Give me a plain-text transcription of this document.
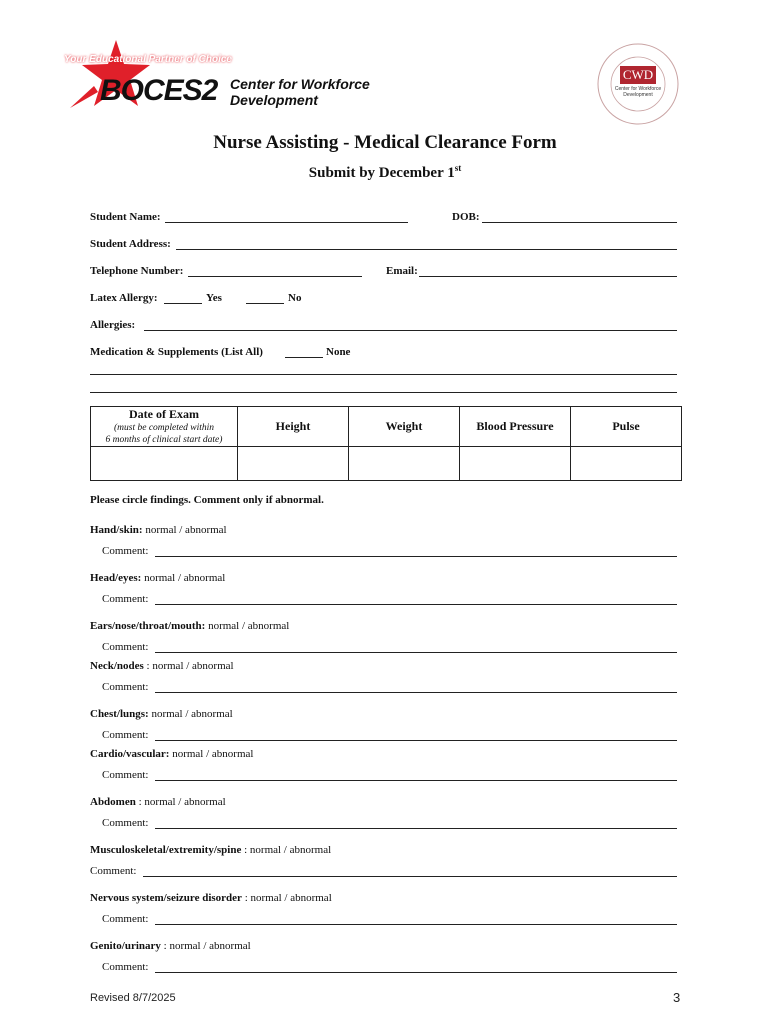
Your Educational Partner of Choice
BOCES2 Center for Workforce
Development
CWD
Center for Workforce
Development
Nurse Assisting - Medical Clearance Form
Submit by December 1st
Student Name:	DOB:
Student Address:
Telephone Number:	Email:
Latex Allergy:	Yes	No
Allergies:
Medication & Supplements (List All)	None
Date of Exam
(must be completed within
6 months of clinical start date)	Height	Weight	Blood Pressure	Pulse

Please circle findings. Comment only if abnormal.
Hand/skin: normal / abnormal
Comment:
Head/eyes: normal / abnormal
Comment:
Ears/nose/throat/mouth: normal / abnormal
Comment:
Neck/nodes : normal / abnormal
Comment:
Chest/lungs: normal / abnormal
Comment:
Cardio/vascular: normal / abnormal
Comment:
Abdomen : normal / abnormal
Comment:
Musculoskeletal/extremity/spine : normal / abnormal
Comment:
Nervous system/seizure disorder : normal / abnormal
Comment:
Genito/urinary : normal / abnormal
Comment:
Revised 8/7/2025	3
